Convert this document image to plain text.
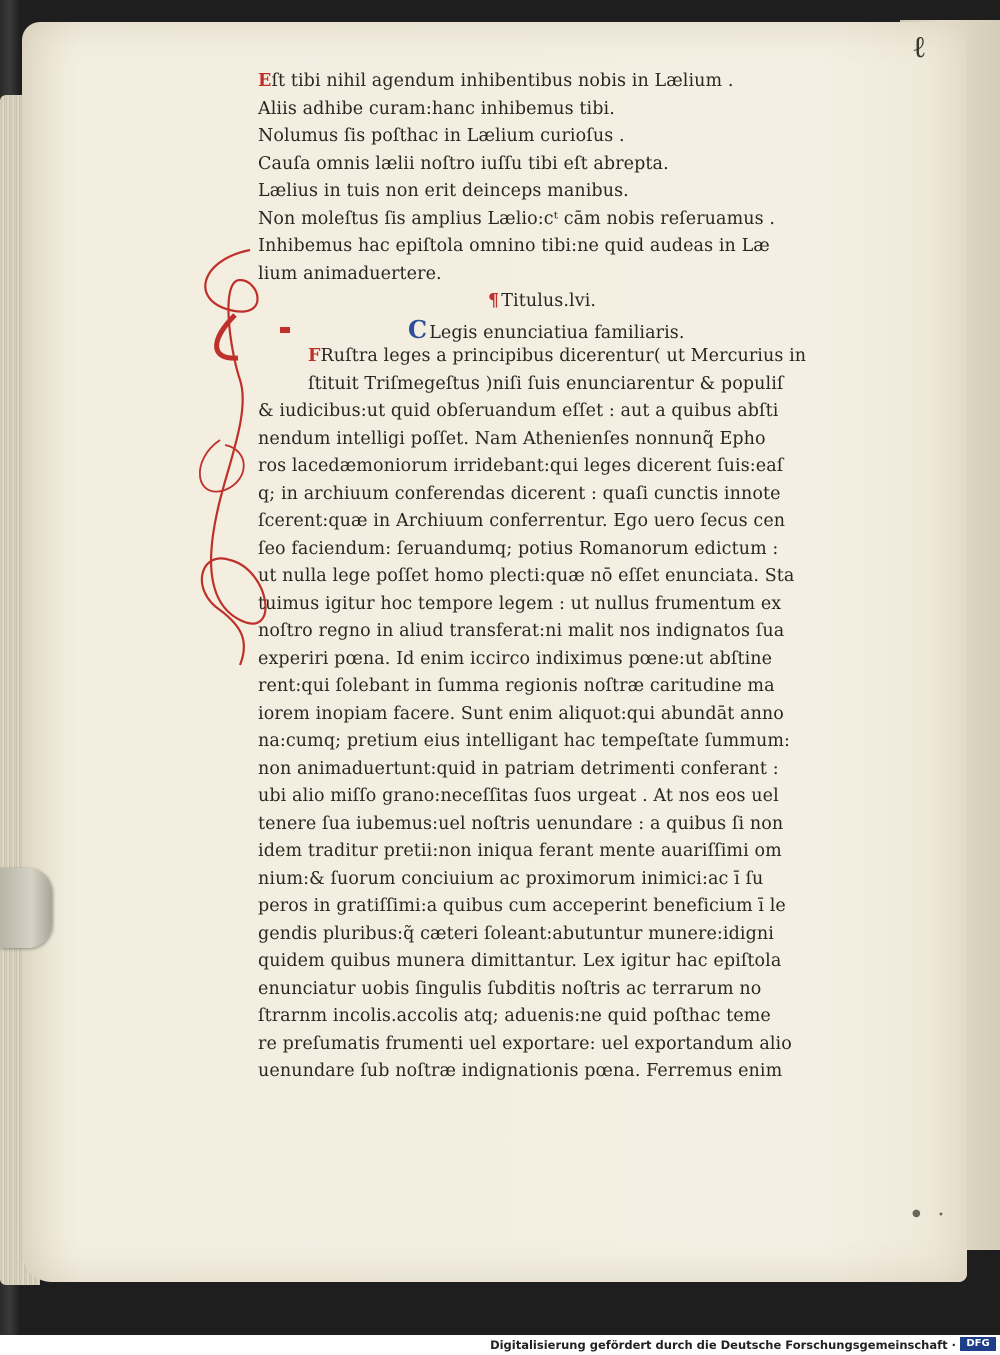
ℓ
Eſt tibi nihil agendum inhibentibus nobis in Lælium .
Aliis adhibe curam:hanc inhibemus tibi.
Nolumus ſis poſthac in Lælium curioſus .
Cauſa omnis lælii noſtro iuſſu tibi eſt abrepta.
Lælius in tuis non erit deinceps manibus.
Non moleſtus ſis amplius Lælio:cᵗ cām nobis reſeruamus .
Inhibemus hac epiſtola omnino tibi:ne quid audeas in Læ
lium animaduertere.
¶ Titulus.lvi.
C Legis enunciatiua familiaris.
FRuſtra leges a principibus dicerentur( ut Mercurius in
ſtituit Triſmegeſtus )niſi ſuis enunciarentur & populiſ
& iudicibus:ut quid obſeruandum eſſet : aut a quibus abſti
nendum intelligi poſſet. Nam Athenienſes nonnunq̃ Epho
ros lacedæmoniorum irridebant:qui leges dicerent ſuis:eaſ
q; in archiuum conferendas dicerent : quaſi cunctis innote
ſcerent:quæ in Archiuum conferrentur. Ego uero ſecus cen
ſeo faciendum: ſeruandumq; potius Romanorum edictum :
ut nulla lege poſſet homo plecti:quæ nō eſſet enunciata. Sta
tuimus igitur hoc tempore legem : ut nullus frumentum ex
noſtro regno in aliud transferat:ni malit nos indignatos ſua
experiri pœna. Id enim iccirco indiximus pœne:ut abſtine
rent:qui ſolebant in ſumma regionis noſtræ caritudine ma
iorem inopiam facere. Sunt enim aliquot:qui abundāt anno
na:cumq; pretium eius intelligant hac tempeſtate ſummum:
non animaduertunt:quid in patriam detrimenti conferant :
ubi alio miſſo grano:neceſſitas ſuos urgeat . At nos eos uel
tenere ſua iubemus:uel noſtris uenundare : a quibus ſi non
idem traditur pretii:non iniqua ferant mente auariſſimi om
nium:& ſuorum conciuium ac proximorum inimici:ac ī ſu
peros in gratiſſimi:a quibus cum acceperint beneficium ī le
gendis pluribus:q̃ cæteri ſoleant:abutuntur munere:idigni
quidem quibus munera dimittantur. Lex igitur hac epiſtola
enunciatur uobis ſingulis ſubditis noſtris ac terrarum no
ſtrarnm incolis.accolis atq; aduenis:ne quid poſthac teme
re preſumatis frumenti uel exportare: uel exportandum alio
uenundare ſub noſtræ indignationis pœna. Ferremus enim
● •
Digitalisierung gefördert durch die Deutsche Forschungsgemeinschaft ·	DFG
